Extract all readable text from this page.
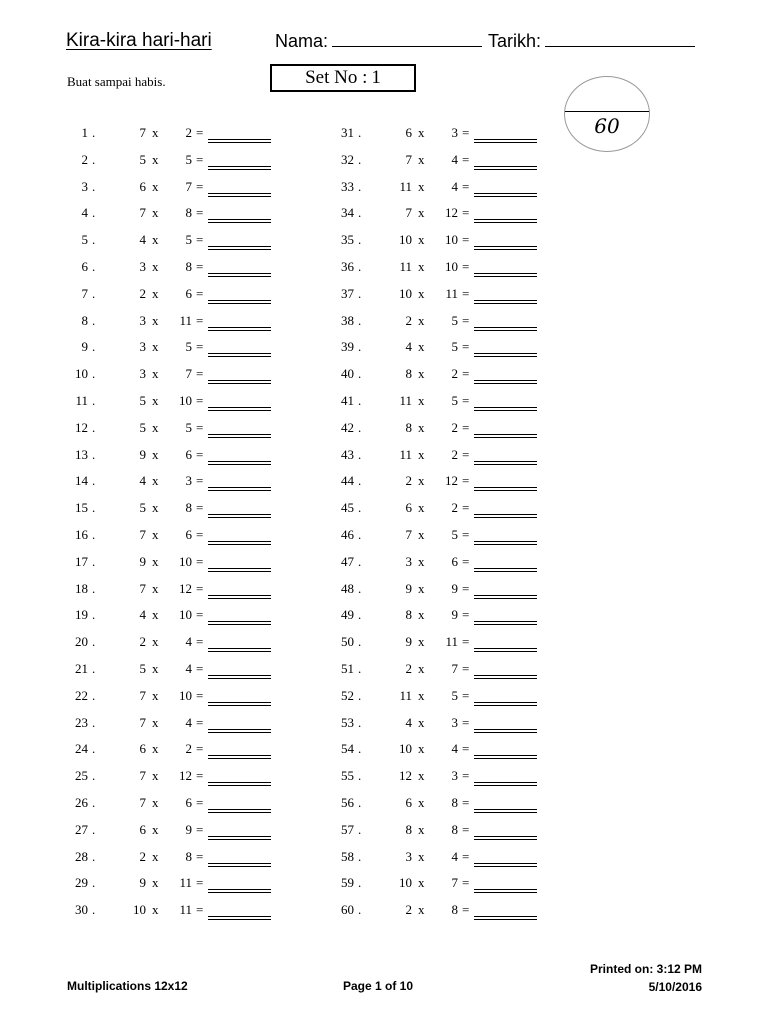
Kira-kira hari-hari	Nama:	Tarikh:
Buat sampai habis.	Set No : 1
60
1 .	7 x	2 =
2 .	5 x	5 =
3 .	6 x	7 =
4 .	7 x	8 =
5 .	4 x	5 =
6 .	3 x	8 =
7 .	2 x	6 =
8 .	3 x	11 =
9 .	3 x	5 =
10 .	3 x	7 =
11 .	5 x	10 =
12 .	5 x	5 =
13 .	9 x	6 =
14 .	4 x	3 =
15 .	5 x	8 =
16 .	7 x	6 =
17 .	9 x	10 =
18 .	7 x	12 =
19 .	4 x	10 =
20 .	2 x	4 =
21 .	5 x	4 =
22 .	7 x	10 =
23 .	7 x	4 =
24 .	6 x	2 =
25 .	7 x	12 =
26 .	7 x	6 =
27 .	6 x	9 =
28 .	2 x	8 =
29 .	9 x	11 =
30 .	10 x	11 =
31 .	6 x	3 =
32 .	7 x	4 =
33 .	11 x	4 =
34 .	7 x	12 =
35 .	10 x	10 =
36 .	11 x	10 =
37 .	10 x	11 =
38 .	2 x	5 =
39 .	4 x	5 =
40 .	8 x	2 =
41 .	11 x	5 =
42 .	8 x	2 =
43 .	11 x	2 =
44 .	2 x	12 =
45 .	6 x	2 =
46 .	7 x	5 =
47 .	3 x	6 =
48 .	9 x	9 =
49 .	8 x	9 =
50 .	9 x	11 =
51 .	2 x	7 =
52 .	11 x	5 =
53 .	4 x	3 =
54 .	10 x	4 =
55 .	12 x	3 =
56 .	6 x	8 =
57 .	8 x	8 =
58 .	3 x	4 =
59 .	10 x	7 =
60 .	2 x	8 =
Multiplications 12x12	Page 1 of 10
Printed on: 3:12 PM
5/10/2016
